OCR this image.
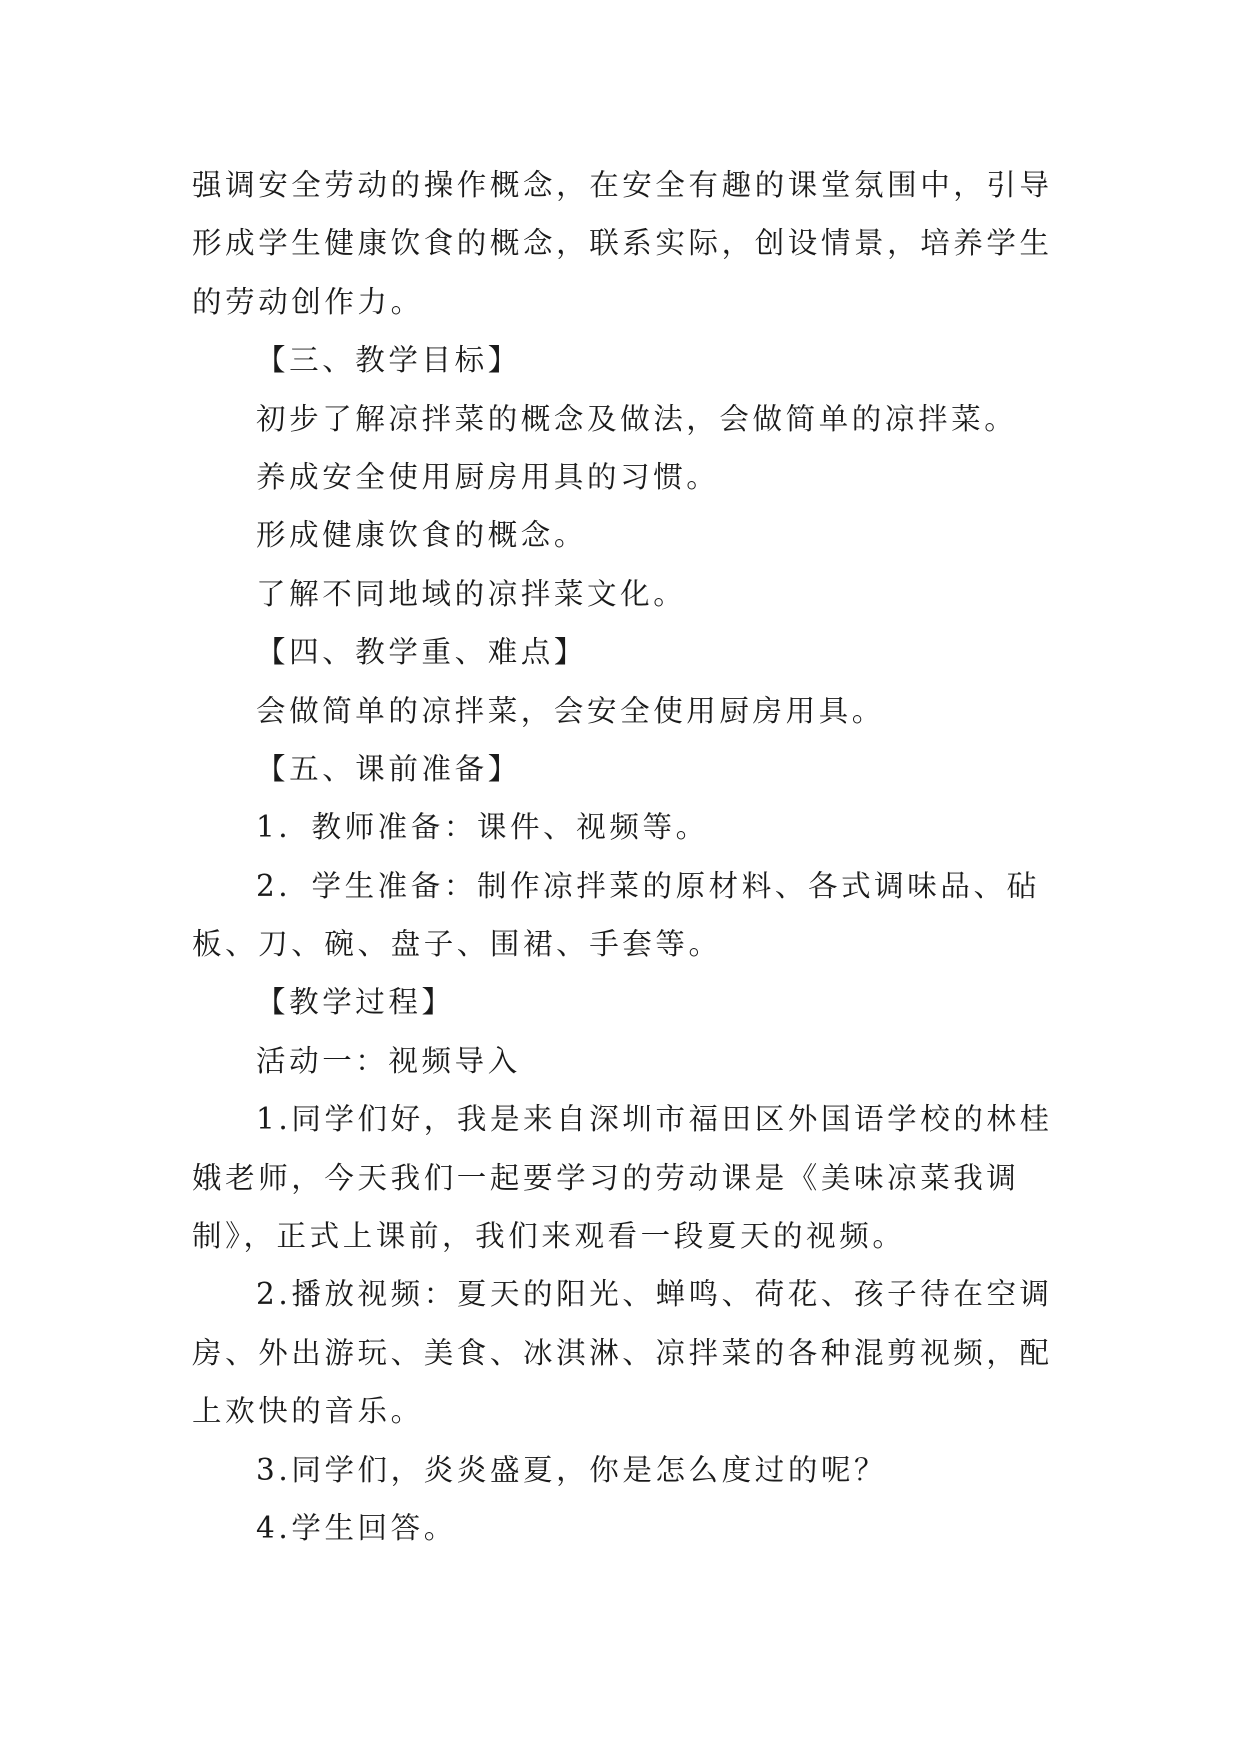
强调安全劳动的操作概念，在安全有趣的课堂氛围中，引导
形成学生健康饮食的概念，联系实际，创设情景，培养学生
的劳动创作力。
【三、教学目标】
初步了解凉拌菜的概念及做法，会做简单的凉拌菜。
养成安全使用厨房用具的习惯。
形成健康饮食的概念。
了解不同地域的凉拌菜文化。
【四、教学重、难点】
会做简单的凉拌菜，会安全使用厨房用具。
【五、课前准备】
1．教师准备：课件、视频等。
2．学生准备：制作凉拌菜的原材料、各式调味品、砧
板、刀、碗、盘子、围裙、手套等。
【教学过程】
活动一：视频导入
1.同学们好，我是来自深圳市福田区外国语学校的林桂
娥老师，今天我们一起要学习的劳动课是《美味凉菜我调
制》，正式上课前，我们来观看一段夏天的视频。
2.播放视频：夏天的阳光、蝉鸣、荷花、孩子待在空调
房、外出游玩、美食、冰淇淋、凉拌菜的各种混剪视频，配
上欢快的音乐。
3.同学们，炎炎盛夏，你是怎么度过的呢？
4.学生回答。
